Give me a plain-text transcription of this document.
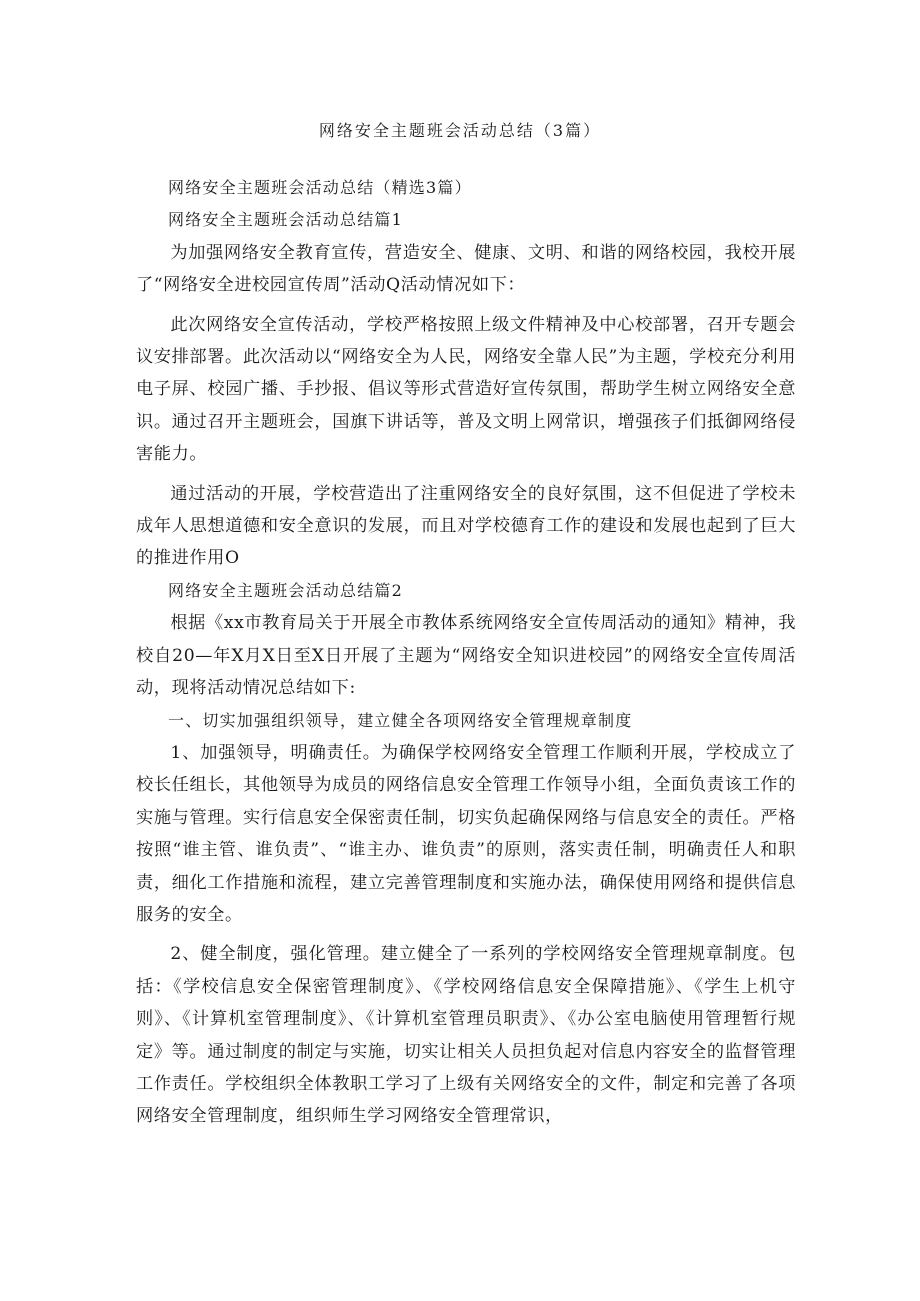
网络安全主题班会活动总结（3篇）

网络安全主题班会活动总结（精选3篇）

网络安全主题班会活动总结篇1

为加强网络安全教育宣传，营造安全、健康、文明、和谐的网络校园，我校开展了“网络安全进校园宣传周”活动Q活动情况如下：

此次网络安全宣传活动，学校严格按照上级文件精神及中心校部署，召开专题会议安排部署。此次活动以“网络安全为人民，网络安全靠人民”为主题，学校充分利用电子屏、校园广播、手抄报、倡议等形式营造好宣传氛围，帮助学生树立网络安全意识。通过召开主题班会，国旗下讲话等，普及文明上网常识，增强孩子们抵御网络侵害能力。

通过活动的开展，学校营造出了注重网络安全的良好氛围，这不但促进了学校未成年人思想道德和安全意识的发展，而且对学校德育工作的建设和发展也起到了巨大的推进作用O

网络安全主题班会活动总结篇2

根据《xx市教育局关于开展全市教体系统网络安全宣传周活动的通知》精神，我校自20—年X月X日至X日开展了主题为“网络安全知识进校园”的网络安全宣传周活动，现将活动情况总结如下:

一、切实加强组织领导，建立健全各项网络安全管理规章制度

1、加强领导，明确责任。为确保学校网络安全管理工作顺利开展，学校成立了校长任组长，其他领导为成员的网络信息安全管理工作领导小组，全面负责该工作的实施与管理。实行信息安全保密责任制，切实负起确保网络与信息安全的责任。严格按照“谁主管、谁负责”、“谁主办、谁负责”的原则，落实责任制，明确责任人和职责，细化工作措施和流程，建立完善管理制度和实施办法，确保使用网络和提供信息服务的安全。

2、健全制度，强化管理。建立健全了一系列的学校网络安全管理规章制度。包括：《学校信息安全保密管理制度》、《学校网络信息安全保障措施》、《学生上机守则》、《计算机室管理制度》、《计算机室管理员职责》、《办公室电脑使用管理暂行规定》等。通过制度的制定与实施，切实让相关人员担负起对信息内容安全的监督管理工作责任。学校组织全体教职工学习了上级有关网络安全的文件，制定和完善了各项网络安全管理制度，组织师生学习网络安全管理常识，
